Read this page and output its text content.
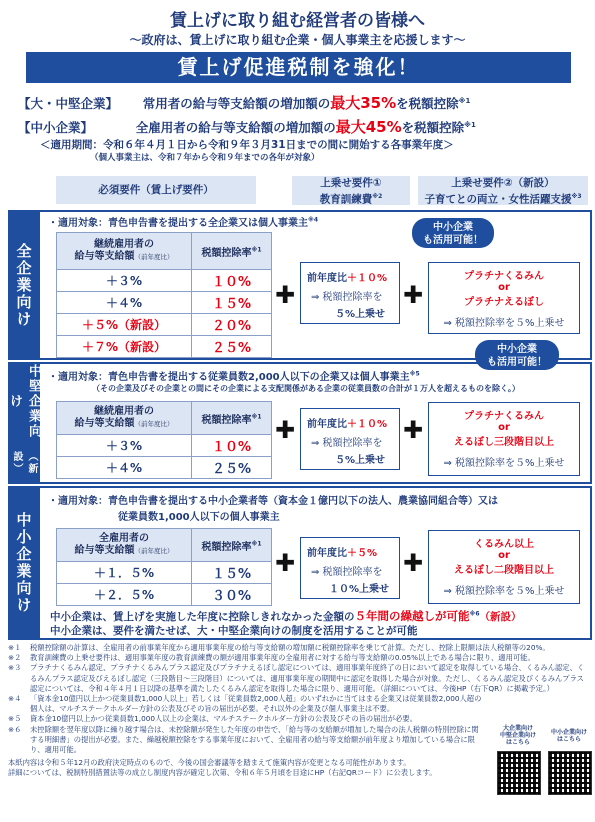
賃上げに取り組む経営者の皆様へ
～政府は、賃上げに取り組む企業・個人事業主を応援します～
賃上げ促進税制を強化！
【大・中堅企業】 常用者の給与等支給額の増加額の最大35%を税額控除$^{※1}$
【中小企業】	全雇用者の給与等支給額の増加額の最大45%を税額控除$^{※1}$
＜適用期間：令和６年４月１日から令和９年３月31日までの間に開始する各事業年度＞
（個人事業主は、令和７年から令和９年までの各年が対象）
必須要件（賃上げ要件）
上乗せ要件①
教育訓練費$^{※2}$
上乗せ要件②（新設）
子育てとの両立・女性活躍支援$^{※3}$
全企業向け
・適用対象：青色申告書を提出する全企業又は個人事業主$^{※4}$
中小企業
も活用可能！
継続雇用者の
給与等支給額（前年度比）	税額控除率$^{※1}$
＋３%	１０%
＋４%	１５%
＋５%（新設）	２０%
＋７%（新設）	２５%
✚
前年度比＋１０%
⇒ 税額控除率を
５%上乗せ
✚
プラチナくるみん
or
プラチナえるぼし
⇒ 税額控除率を５%上乗せ
中堅企業向け
（新設）
中小企業
も活用可能！
・適用対象：青色申告書を提出する従業員数2,000人以下の企業又は個人事業主$^{※5}$
（その企業及びその企業との間にその企業による支配関係がある企業の従業員数の合計が１万人を超えるものを除く。）
継続雇用者の
給与等支給額（前年度比）	税額控除率$^{※1}$
＋３%	１０%
＋４%	２５%
✚ 前年度比＋１０%
⇒ 税額控除率を
５%上乗せ
✚	プラチナくるみん
or
えるぼし三段階目以上
⇒ 税額控除率を５%上乗せ
中小企業向け
・適用対象：青色申告書を提出する中小企業者等（資本金１億円以下の法人、農業協同組合等）又は
従業員数1,000人以下の個人事業主
全雇用者の
給与等支給額（前年度比）	税額控除率$^{※1}$
＋１．５%	１５%
＋２．５%	３０%
✚ 前年度比＋５%
⇒ 税額控除率を
１０%上乗せ
✚
くるみん以上
or
えるぼし二段階目以上
⇒ 税額控除率を５%上乗せ
中小企業は、賃上げを実施した年度に控除しきれなかった金額の５年間の繰越しが可能$^{※6}$（新設）
中小企業は、要件を満たせば、大・中堅企業向けの制度を活用することが可能
※１	税額控除額の計算は、全雇用者の前事業年度から適用事業年度の給与等支給額の増加額に税額控除率を乗じて計算。ただし、控除上限額は法人税額等の20%。
※２	教育訓練費の上乗せ要件は、適用事業年度の教育訓練費の額が適用事業年度の全雇用者に対する給与等支給額の0.05%以上である場合に限り、適用可能。
※３	プラチナくるみん認定、プラチナくるみんプラス認定及びプラチナえるぼし認定については、適用事業年度終了の日において認定を取得している場合、くるみん認定、くるみんプラス認定及びえるぼし認定（三段階目～三段階目）については、適用事業年度の期間中に認定を取得した場合が対象。ただし、くるみん認定及びくるみんプラス認定については、令和４年４月１日以降の基準を満たしたくるみん認定を取得した場合に限り、適用可能。（詳細については、今後HP（右下QR）に掲載予定。）
※４	「資本金10億円以上かつ従業員数1,000人以上」若しくは「従業員数2,000人超」のいずれかに当てはまる企業又は従業員数2,000人超の個人は、マルチステークホルダー方針の公表及びその旨の届出が必要。それ以外の企業及び個人事業主は不要。
※５	資本金10億円以上かつ従業員数1,000人以上の企業は、マルチステークホルダー方針の公表及びその旨の届出が必要。
※６	未控除額を翌年度以降に繰り越す場合は、未控除額が発生した年度の申告で、「給与等の支給額が増加した場合の法人税額の特別控除に関する明細書」の提出が必要。また、繰越税額控除をする事業年度において、全雇用者の給与等支給額が前年度より増加している場合に限り、適用可能。
本紙内容は令和５年12月の政府決定時点のもので、今後の国会審議等を踏まえて施策内容が変更となる可能性があります。
詳細については、税制特別措置法等の成立し制度内容が確定し次第、令和６年５月頃を目途にHP（右記QRコード）に公表します。
大企業向け
中堅企業向け
はこちら
中小企業向け
はこちら
